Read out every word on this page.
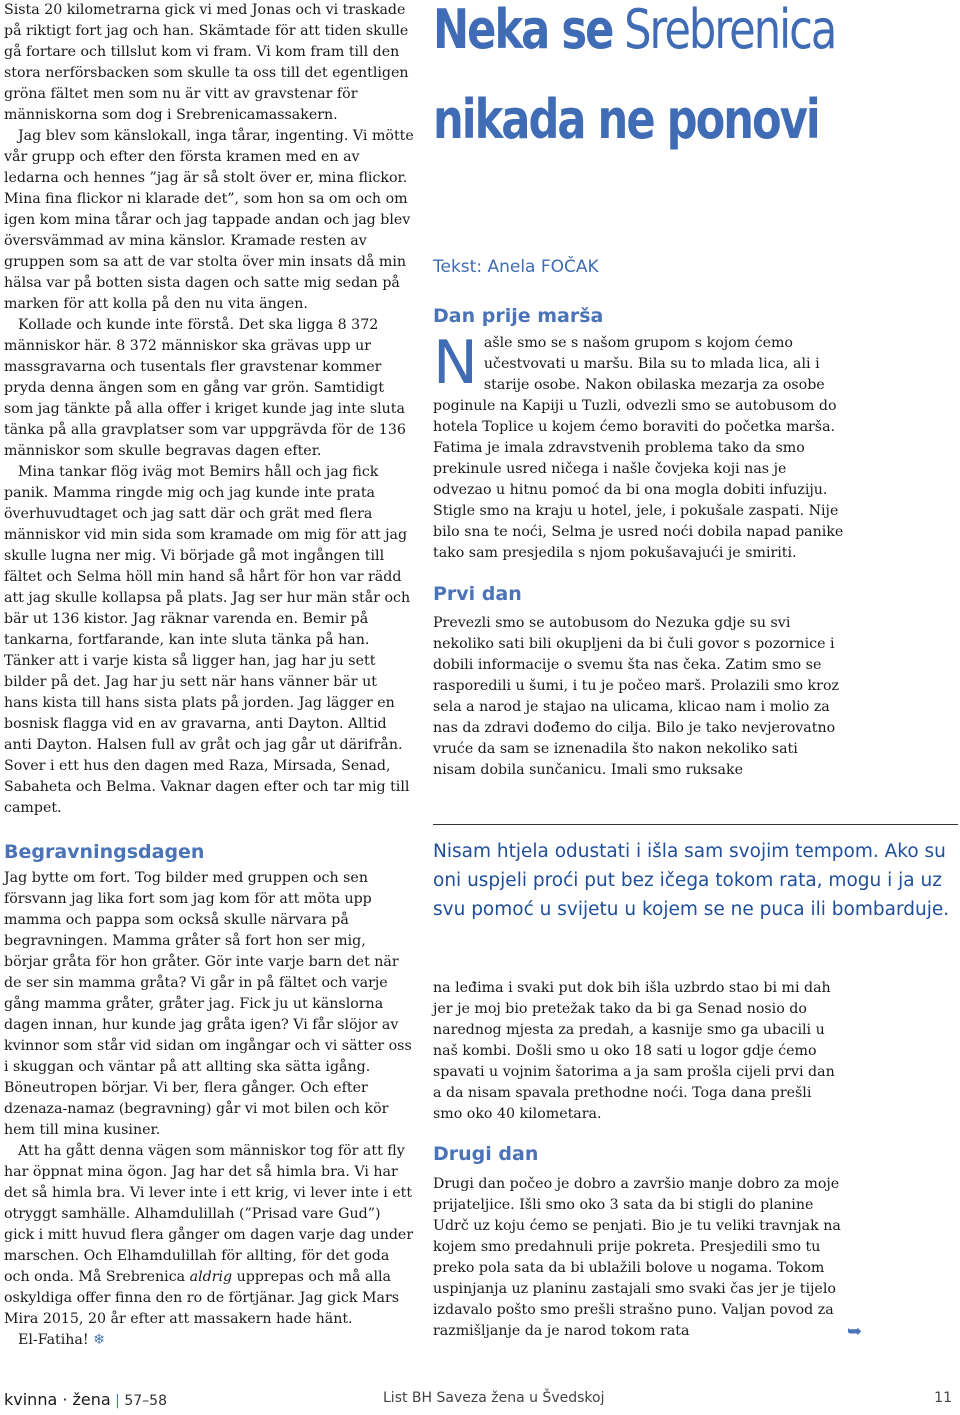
Sista 20 kilometrarna gick vi med Jonas och vi traskade på riktigt fort jag och han. Skämtade för att tiden skulle gå fortare och tillslut kom vi fram. Vi kom fram till den stora nerförsbacken som skulle ta oss till det egentligen gröna fältet men som nu är vitt av gravstenar för människorna som dog i Srebrenicamassakern.

Jag blev som känslokall, inga tårar, ingenting. Vi mötte vår grupp och efter den första kramen med en av ledarna och hennes ”jag är så stolt över er, mina flickor. Mina fina flickor ni klarade det”, som hon sa om och om igen kom mina tårar och jag tappade andan och jag blev översvämmad av mina känslor. Kramade resten av gruppen som sa att de var stolta över min insats då min hälsa var på botten sista dagen och satte mig sedan på marken för att kolla på den nu vita ängen.

Kollade och kunde inte förstå. Det ska ligga 8 372 människor här. 8 372 människor ska grävas upp ur massgravarna och tusentals fler gravstenar kommer pryda denna ängen som en gång var grön. Samtidigt som jag tänkte på alla offer i kriget kunde jag inte sluta tänka på alla gravplatser som var uppgrävda för de 136 människor som skulle begravas dagen efter.

Mina tankar flög iväg mot Bemirs håll och jag fick panik. Mamma ringde mig och jag kunde inte prata överhuvudtaget och jag satt där och grät med flera människor vid min sida som kramade om mig för att jag skulle lugna ner mig. Vi började gå mot ingången till fältet och Selma höll min hand så hårt för hon var rädd att jag skulle kollapsa på plats. Jag ser hur män står och bär ut 136 kistor. Jag räknar varenda en. Bemir på tankarna, fortfarande, kan inte sluta tänka på han. Tänker att i varje kista så ligger han, jag har ju sett bilder på det. Jag har ju sett när hans vänner bär ut hans kista till hans sista plats på jorden. Jag lägger en bosnisk flagga vid en av gravarna, anti Dayton. Alltid anti Dayton. Halsen full av gråt och jag går ut därifrån. Sover i ett hus den dagen med Raza, Mirsada, Senad, Sabaheta och Belma. Vaknar dagen efter och tar mig till campet.

Begravningsdagen

Jag bytte om fort. Tog bilder med gruppen och sen försvann jag lika fort som jag kom för att möta upp mamma och pappa som också skulle närvara på begravningen. Mamma gråter så fort hon ser mig, börjar gråta för hon gråter. Gör inte varje barn det när de ser sin mamma gråta? Vi går in på fältet och varje gång mamma gråter, gråter jag. Fick ju ut känslorna dagen innan, hur kunde jag gråta igen? Vi får slöjor av kvinnor som står vid sidan om ingångar och vi sätter oss i skuggan och väntar på att allting ska sätta igång. Böneutropen börjar. Vi ber, flera gånger. Och efter dzenaza-namaz (begravning) går vi mot bilen och kör hem till mina kusiner.

Att ha gått denna vägen som människor tog för att fly har öppnat mina ögon. Jag har det så himla bra. Vi har det så himla bra. Vi lever inte i ett krig, vi lever inte i ett otryggt samhälle. Alhamdulillah (”Prisad vare Gud”) gick i mitt huvud flera gånger om dagen varje dag under marschen. Och Elhamdulillah för allting, för det goda och onda. Må Srebrenica aldrig upprepas och må alla oskyldiga offer finna den ro de förtjänar. Jag gick Mars Mira 2015, 20 år efter att massakern hade hänt.

El-Fatiha! ❄

Neka se Srebrenica
nikada ne ponovi
Tekst: Anela FOČAK
Dan prije marša

Našle smo se s našom grupom s kojom ćemo učestvovati u maršu. Bila su to mlada lica, ali i starije osobe. Nakon obilaska mezarja za osobe poginule na Kapiji u Tuzli, odvezli smo se autobusom do hotela Toplice u kojem ćemo boraviti do početka marša. Fatima je imala zdravstvenih problema tako da smo prekinule usred ničega i našle čovjeka koji nas je odvezao u hitnu pomoć da bi ona mogla dobiti infuziju. Stigle smo na kraju u hotel, jele, i pokušale zaspati. Nije bilo sna te noći, Selma je usred noći dobila napad panike tako sam presjedila s njom pokušavajući je smiriti.

Prvi dan

Prevezli smo se autobusom do Nezuka gdje su svi nekoliko sati bili okupljeni da bi čuli govor s pozornice i dobili informacije o svemu šta nas čeka. Zatim smo se rasporedili u šumi, i tu je počeo marš. Prolazili smo kroz sela a narod je stajao na ulicama, klicao nam i molio za nas da zdravi dođemo do cilja. Bilo je tako nevjerovatno vruće da sam se iznenadila što nakon nekoliko sati nisam dobila sunčanicu. Imali smo ruksake

Nisam htjela odustati i išla sam svojim tempom. Ako su oni uspjeli proći put bez ičega tokom rata, mogu i ja uz svu pomoć u svijetu u kojem se ne puca ili bombarduje.

na leđima i svaki put dok bih išla uzbrdo stao bi mi dah jer je moj bio pretežak tako da bi ga Senad nosio do narednog mjesta za predah, a kasnije smo ga ubacili u naš kombi. Došli smo u oko 18 sati u logor gdje ćemo spavati u vojnim šatorima a ja sam prošla cijeli prvi dan a da nisam spavala prethodne noći. Toga dana prešli smo oko 40 kilometara.

Drugi dan

Drugi dan počeo je dobro a završio manje dobro za moje prijateljice. Išli smo oko 3 sata da bi stigli do planine Udrč uz koju ćemo se penjati. Bio je tu veliki travnjak na kojem smo predahnuli prije pokreta. Presjedili smo tu preko pola sata da bi ublažili bolove u nogama. Tokom uspinjanja uz planinu zastajali smo svaki čas jer je tijelo izdavalo pošto smo prešli strašno puno. Valjan povod za razmišljanje da je narod tokom rata	➥

kvinna · žena | 57–58	List BH Saveza žena u Švedskoj	11
